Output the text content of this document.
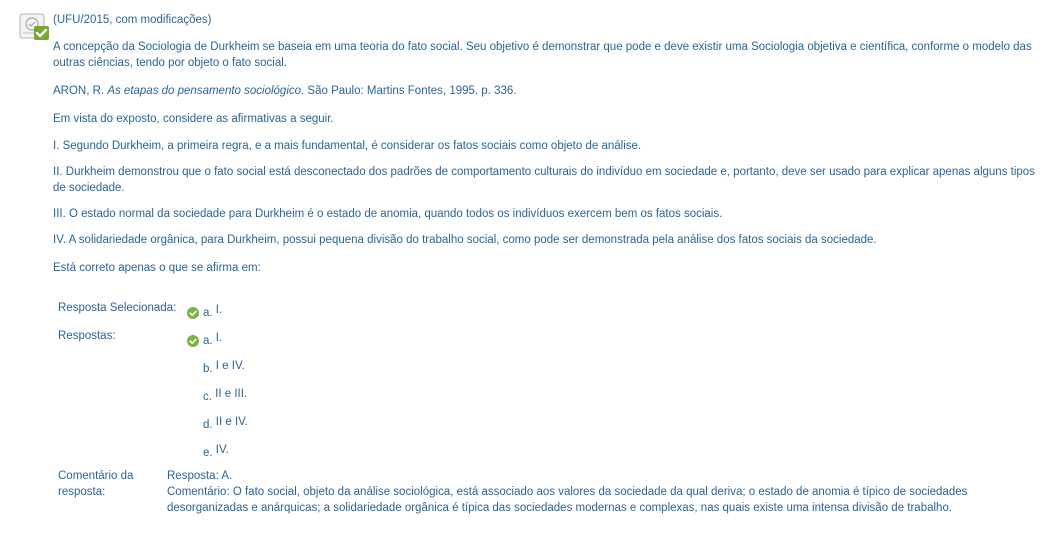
(UFU/2015, com modificações)

A concepção da Sociologia de Durkheim se baseia em uma teoria do fato social. Seu objetivo é demonstrar que pode e deve existir uma Sociologia objetiva e científica, conforme o modelo das outras ciências, tendo por objeto o fato social.

ARON, R. As etapas do pensamento sociológico. São Paulo: Martins Fontes, 1995. p. 336.

Em vista do exposto, considere as afirmativas a seguir.

I. Segundo Durkheim, a primeira regra, e a mais fundamental, é considerar os fatos sociais como objeto de análise.

II. Durkheim demonstrou que o fato social está desconectado dos padrões de comportamento culturais do indivíduo em sociedade e, portanto, deve ser usado para explicar apenas alguns tipos de sociedade.

III. O estado normal da sociedade para Durkheim é o estado de anomia, quando todos os indivíduos exercem bem os fatos sociais.

IV. A solidariedade orgânica, para Durkheim, possui pequena divisão do trabalho social, como pode ser demonstrada pela análise dos fatos sociais da sociedade.

Está correto apenas o que se afirma em:

Resposta Selecionada: a. I.
Respostas:	a. I.
b. I e IV.
c. II e III.
d. II e IV.
e. IV.
Comentário da
resposta:
Resposta: A.
Comentário: O fato social, objeto da análise sociológica, está associado aos valores da sociedade da qual deriva; o estado de anomia é típico de sociedades desorganizadas e anárquicas; a solidariedade orgânica é típica das sociedades modernas e complexas, nas quais existe uma intensa divisão de trabalho.
